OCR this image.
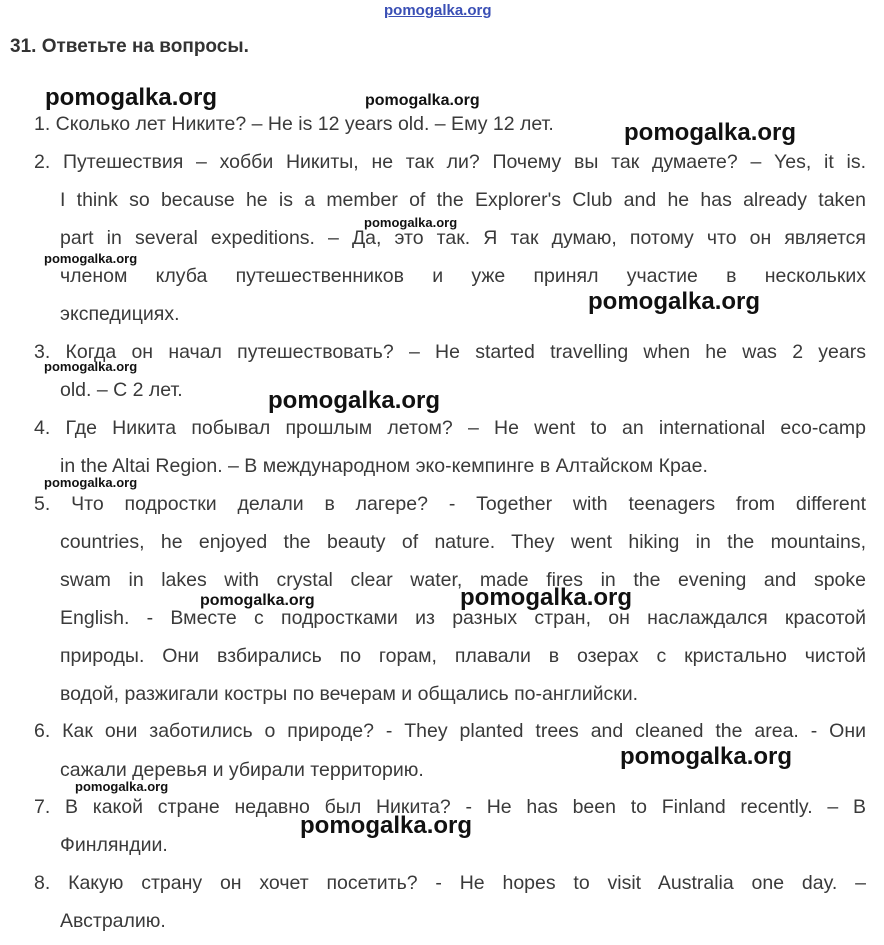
pomogalka.org
31. Ответьте на вопросы.
1. Сколько лет Никите? – He is 12 years old. – Ему 12 лет.
2. Путешествия – хобби Никиты, не так ли? Почему вы так думаете? – Yes, it is.
I think so because he is a member of the Explorer's Club and he has already taken
part in several expeditions. – Да, это так. Я так думаю, потому что он является
членом клуба путешественников и уже принял участие в нескольких
экспедициях.
3. Когда он начал путешествовать? – He started travelling when he was 2 years
old. – С 2 лет.
4. Где Никита побывал прошлым летом? – He went to an international eco-camp
in the Altai Region. – В международном эко-кемпинге в Алтайском Крае.
5. Что подростки делали в лагере? - Together with teenagers from different
countries, he enjoyed the beauty of nature. They went hiking in the mountains,
swam in lakes with crystal clear water, made fires in the evening and spoke
English. - Вместе с подростками из разных стран, он наслаждался красотой
природы. Они взбирались по горам, плавали в озерах с кристально чистой
водой, разжигали костры по вечерам и общались по-английски.
6. Как они заботились о природе? - They planted trees and cleaned the area. - Они
сажали деревья и убирали территорию.
7. В какой стране недавно был Никита? - He has been to Finland recently. – В
Финляндии.
8. Какую страну он хочет посетить? - He hopes to visit Australia one day. –
Австралию.
pomogalka.org	pomogalka.org
pomogalka.org
pomogalka.org
pomogalka.org
pomogalka.org
pomogalka.org
pomogalka.org
pomogalka.org
pomogalka.org	pomogalka.org
pomogalka.org
pomogalka.org
pomogalka.org
